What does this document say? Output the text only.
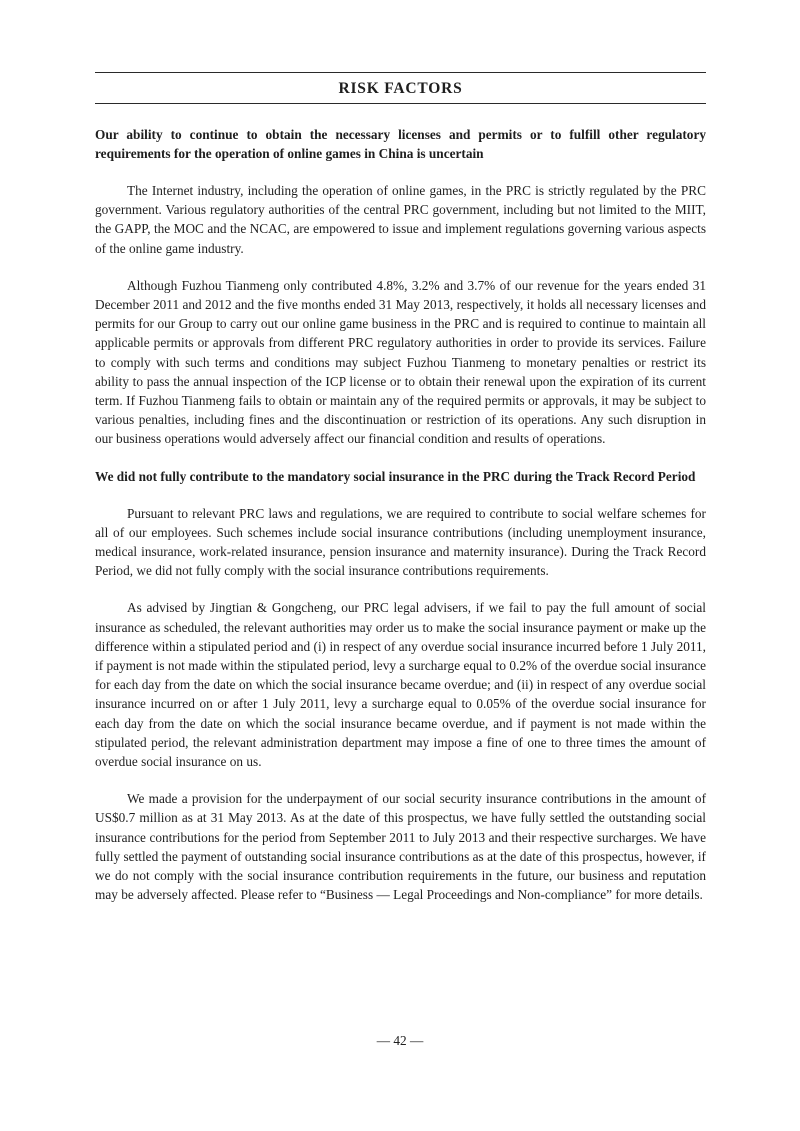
RISK FACTORS

Our ability to continue to obtain the necessary licenses and permits or to fulfill other regulatory requirements for the operation of online games in China is uncertain

The Internet industry, including the operation of online games, in the PRC is strictly regulated by the PRC government. Various regulatory authorities of the central PRC government, including but not limited to the MIIT, the GAPP, the MOC and the NCAC, are empowered to issue and implement regulations governing various aspects of the online game industry.

Although Fuzhou Tianmeng only contributed 4.8%, 3.2% and 3.7% of our revenue for the years ended 31 December 2011 and 2012 and the five months ended 31 May 2013, respectively, it holds all necessary licenses and permits for our Group to carry out our online game business in the PRC and is required to continue to maintain all applicable permits or approvals from different PRC regulatory authorities in order to provide its services. Failure to comply with such terms and conditions may subject Fuzhou Tianmeng to monetary penalties or restrict its ability to pass the annual inspection of the ICP license or to obtain their renewal upon the expiration of its current term. If Fuzhou Tianmeng fails to obtain or maintain any of the required permits or approvals, it may be subject to various penalties, including fines and the discontinuation or restriction of its operations. Any such disruption in our business operations would adversely affect our financial condition and results of operations.

We did not fully contribute to the mandatory social insurance in the PRC during the Track Record Period

Pursuant to relevant PRC laws and regulations, we are required to contribute to social welfare schemes for all of our employees. Such schemes include social insurance contributions (including unemployment insurance, medical insurance, work-related insurance, pension insurance and maternity insurance). During the Track Record Period, we did not fully comply with the social insurance contributions requirements.

As advised by Jingtian & Gongcheng, our PRC legal advisers, if we fail to pay the full amount of social insurance as scheduled, the relevant authorities may order us to make the social insurance payment or make up the difference within a stipulated period and (i) in respect of any overdue social insurance incurred before 1 July 2011, if payment is not made within the stipulated period, levy a surcharge equal to 0.2% of the overdue social insurance for each day from the date on which the social insurance became overdue; and (ii) in respect of any overdue social insurance incurred on or after 1 July 2011, levy a surcharge equal to 0.05% of the overdue social insurance for each day from the date on which the social insurance became overdue, and if payment is not made within the stipulated period, the relevant administration department may impose a fine of one to three times the amount of overdue social insurance on us.

We made a provision for the underpayment of our social security insurance contributions in the amount of US$0.7 million as at 31 May 2013. As at the date of this prospectus, we have fully settled the outstanding social insurance contributions for the period from September 2011 to July 2013 and their respective surcharges. We have fully settled the payment of outstanding social insurance contributions as at the date of this prospectus, however, if we do not comply with the social insurance contribution requirements in the future, our business and reputation may be adversely affected. Please refer to “Business — Legal Proceedings and Non-compliance” for more details.

— 42 —
